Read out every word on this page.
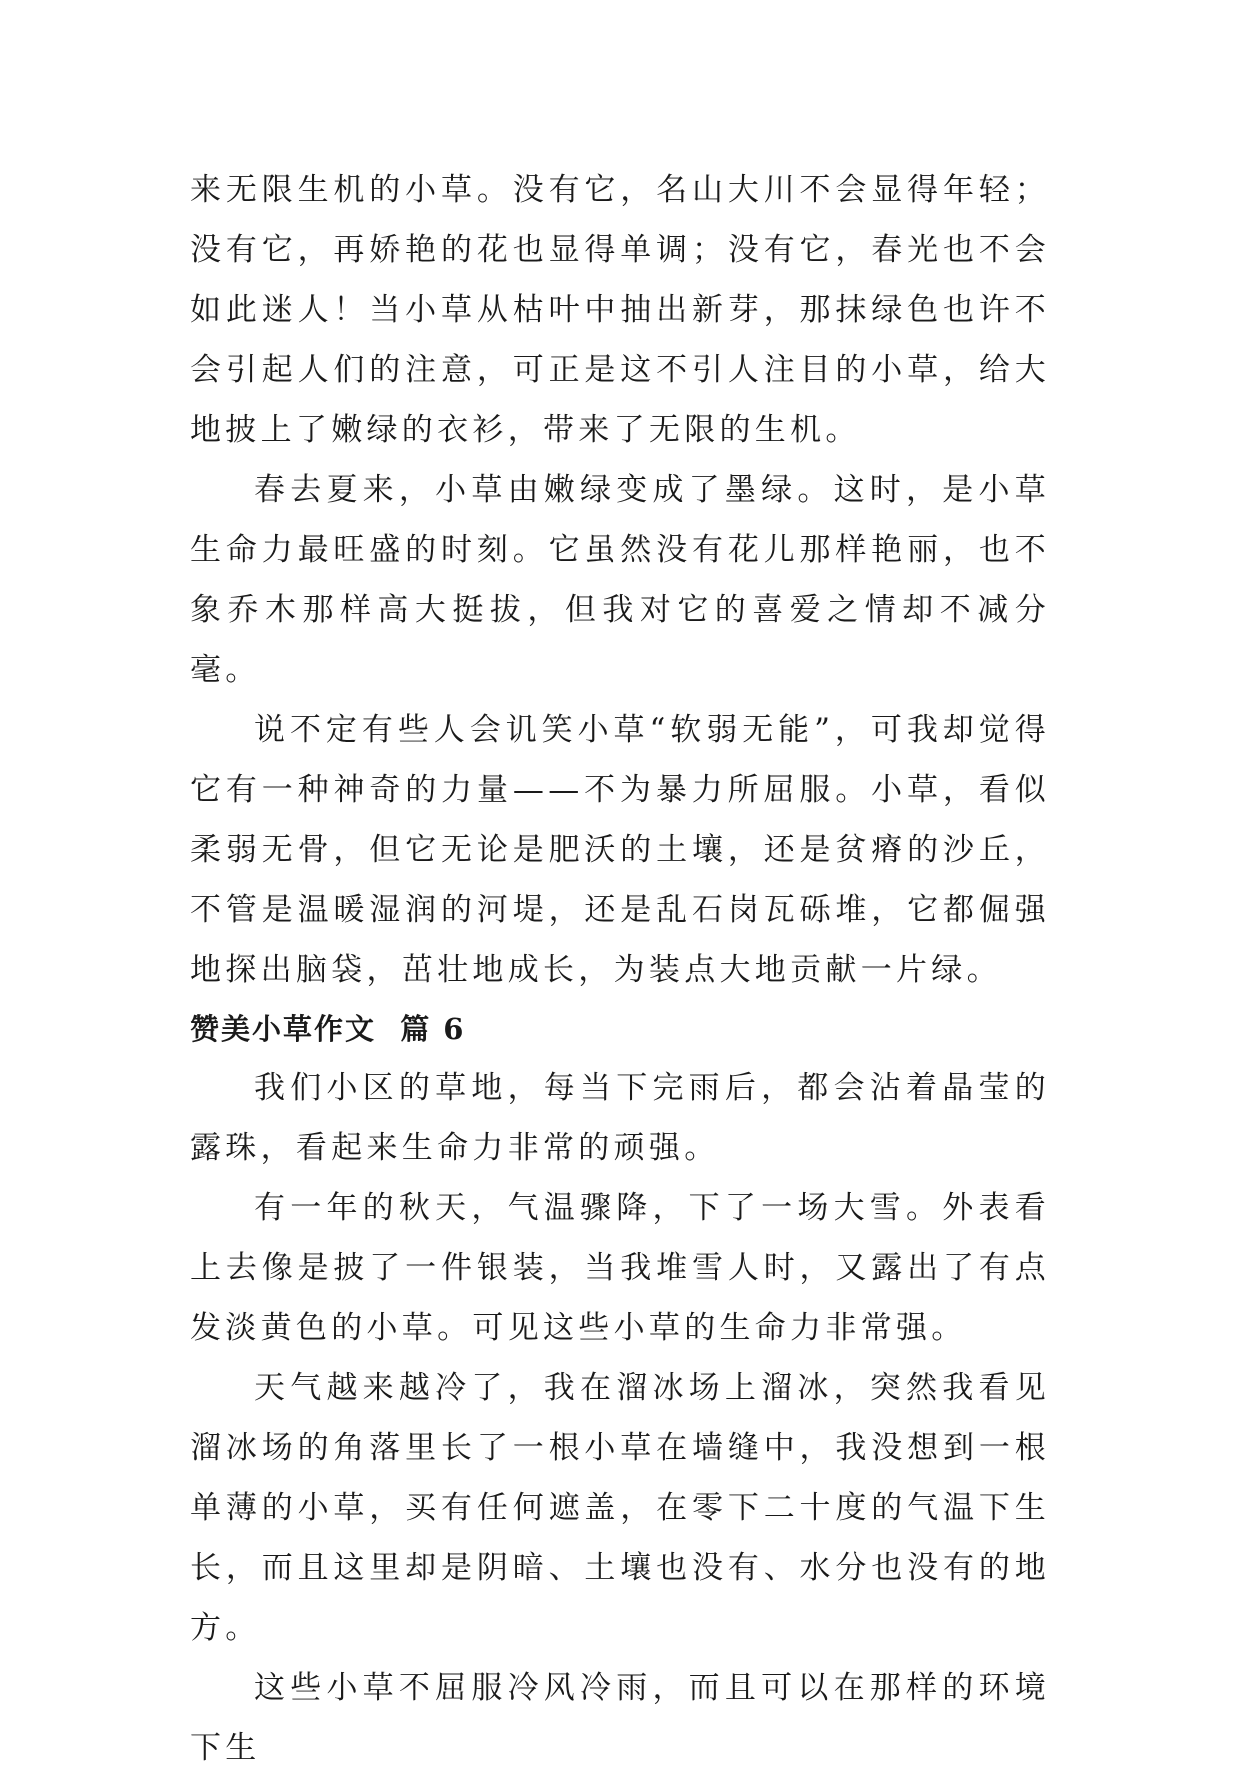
来无限生机的小草。没有它，名山大川不会显得年轻；没有它，再娇艳的花也显得单调；没有它，春光也不会如此迷人！当小草从枯叶中抽出新芽，那抹绿色也许不会引起人们的注意，可正是这不引人注目的小草，给大地披上了嫩绿的衣衫，带来了无限的生机。

春去夏来，小草由嫩绿变成了墨绿。这时，是小草生命力最旺盛的时刻。它虽然没有花儿那样艳丽，也不象乔木那样高大挺拔，但我对它的喜爱之情却不减分毫。

说不定有些人会讥笑小草“软弱无能”，可我却觉得它有一种神奇的力量——不为暴力所屈服。小草，看似柔弱无骨，但它无论是肥沃的土壤，还是贫瘠的沙丘，不管是温暖湿润的河堤，还是乱石岗瓦砾堆，它都倔强地探出脑袋，茁壮地成长，为装点大地贡献一片绿。

赞美小草作文  篇 6

我们小区的草地，每当下完雨后，都会沾着晶莹的露珠，看起来生命力非常的顽强。

有一年的秋天，气温骤降，下了一场大雪。外表看上去像是披了一件银装，当我堆雪人时，又露出了有点发淡黄色的小草。可见这些小草的生命力非常强。

天气越来越冷了，我在溜冰场上溜冰，突然我看见溜冰场的角落里长了一根小草在墙缝中，我没想到一根单薄的小草，买有任何遮盖，在零下二十度的气温下生长，而且这里却是阴暗、土壤也没有、水分也没有的地方。

这些小草不屈服冷风冷雨，而且可以在那样的环境下生
